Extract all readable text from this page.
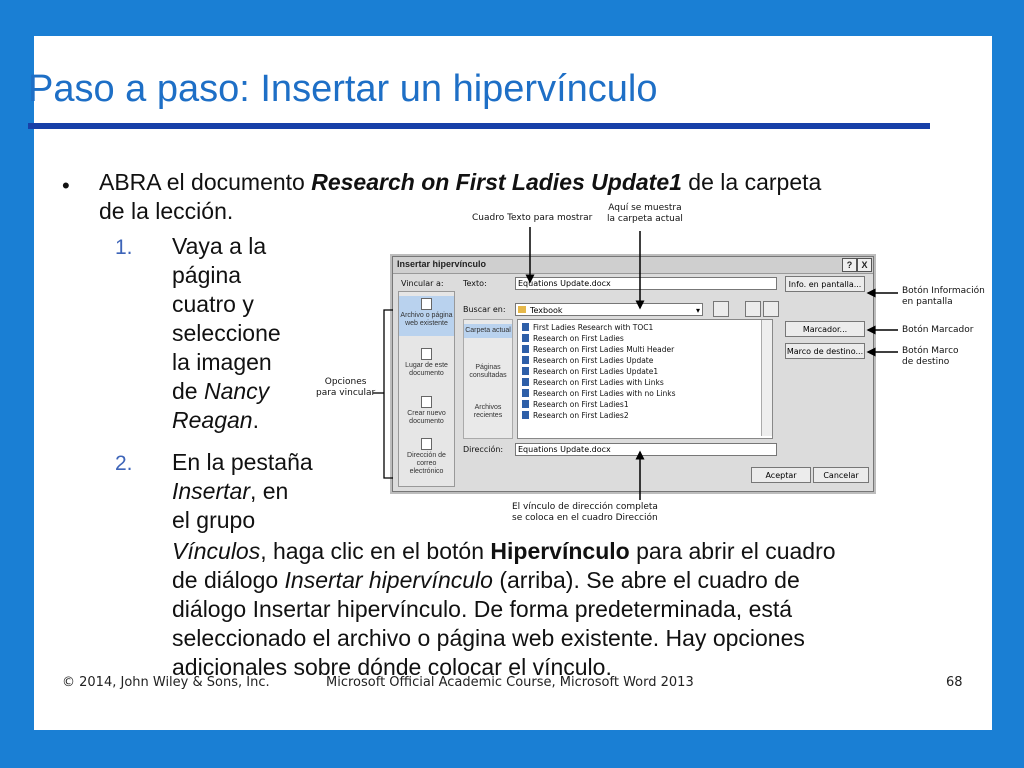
Paso a paso: Insertar un hipervínculo
• ABRA el documento Research on First Ladies Update1 de la carpeta
de la lección.
1. Vaya a la
página
cuatro y
seleccione
la imagen
de Nancy
Reagan.
2. En la pestaña
Insertar, en
el grupo
Vínculos, haga clic en el botón Hipervínculo para abrir el cuadro
de diálogo Insertar hipervínculo (arriba). Se abre el cuadro de
diálogo Insertar hipervínculo. De forma predeterminada, está
seleccionado el archivo o página web existente. Hay opciones
adicionales sobre dónde colocar el vínculo.
Cuadro Texto para mostrar
Aquí se muestra
la carpeta actual
Botón Información
en pantalla
Botón Marcador
Botón Marco
de destino
Opciones
para vincular
El vínculo de dirección completa
se coloca en el cuadro Dirección
Insertar hipervínculo	?	X
Vincular a:
Archivo o página web existente
Lugar de este documento
Crear nuevo documento
Dirección de correo electrónico
Texto:
Equations Update.docx	Info. en pantalla...
Buscar en:	Texbook	▾
Carpeta actual
Páginas consultadas
Archivos recientes
First Ladies Research with TOC1
Research on First Ladies
Research on First Ladies Multi Header
Research on First Ladies Update
Research on First Ladies Update1
Research on First Ladies with Links
Research on First Ladies with no Links
Research on First Ladies1
Research on First Ladies2
Marcador...
Marco de destino...
Dirección:
Equations Update.docx
Aceptar	Cancelar
© 2014, John Wiley & Sons, Inc.	Microsoft Official Academic Course, Microsoft Word 2013	68
